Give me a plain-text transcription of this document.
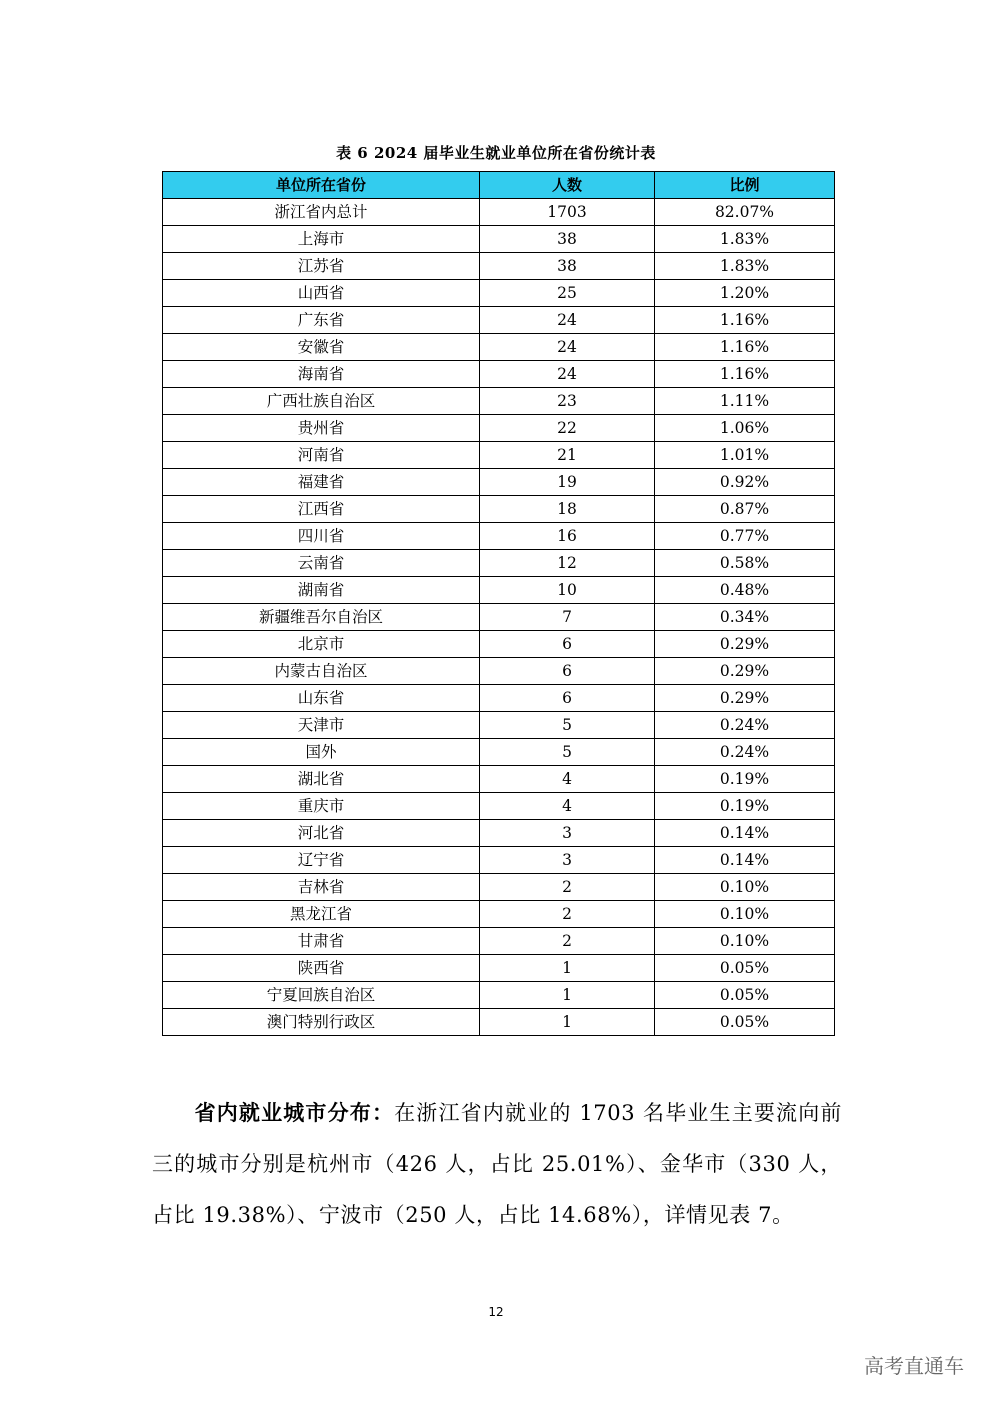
表 6 2024 届毕业生就业单位所在省份统计表
单位所在省份	人数	比例
浙江省内总计	1703	82.07%
上海市	38	1.83%
江苏省	38	1.83%
山西省	25	1.20%
广东省	24	1.16%
安徽省	24	1.16%
海南省	24	1.16%
广西壮族自治区	23	1.11%
贵州省	22	1.06%
河南省	21	1.01%
福建省	19	0.92%
江西省	18	0.87%
四川省	16	0.77%
云南省	12	0.58%
湖南省	10	0.48%
新疆维吾尔自治区	7	0.34%
北京市	6	0.29%
内蒙古自治区	6	0.29%
山东省	6	0.29%
天津市	5	0.24%
国外	5	0.24%
湖北省	4	0.19%
重庆市	4	0.19%
河北省	3	0.14%
辽宁省	3	0.14%
吉林省	2	0.10%
黑龙江省	2	0.10%
甘肃省	2	0.10%
陕西省	1	0.05%
宁夏回族自治区	1	0.05%
澳门特别行政区	1	0.05%
省内就业城市分布：在浙江省内就业的 1703 名毕业生主要流向前三的城市分别是杭州市（426 人，占比 25.01%）、金华市（330 人，占比 19.38%）、宁波市（250 人，占比 14.68%），详情见表 7。
12
高考直通车
